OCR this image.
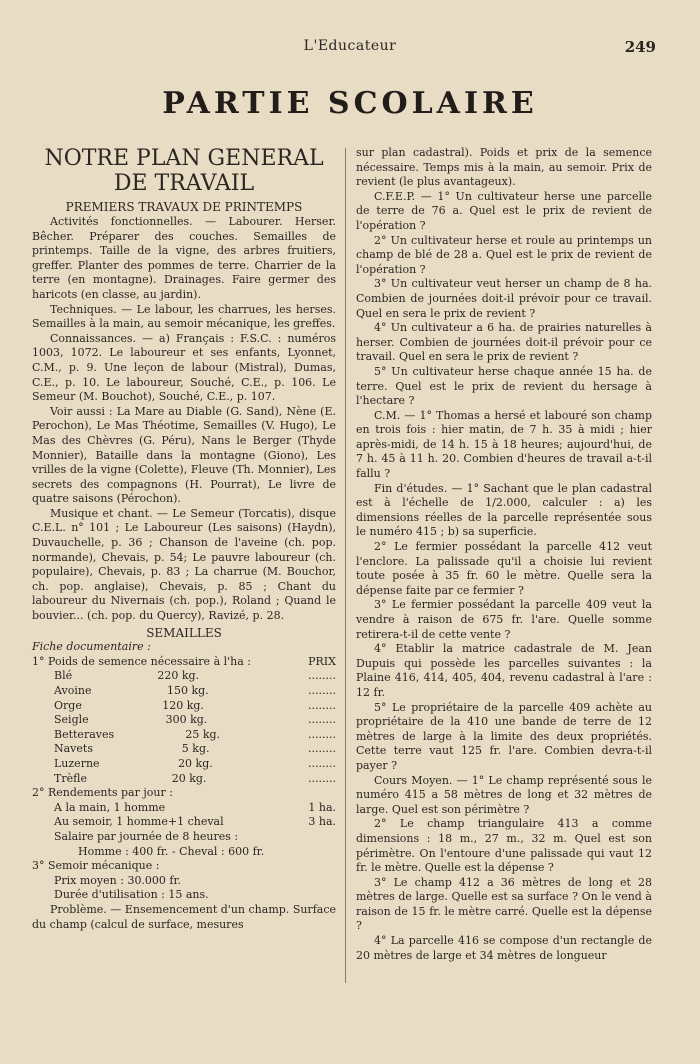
L'Educateur	249
PARTIE SCOLAIRE
NOTRE PLAN GENERAL
DE TRAVAIL
PREMIERS TRAVAUX DE PRINTEMPS

Activités fonctionnelles. — Labourer. Herser. Bêcher. Préparer des couches. Semailles de printemps. Taille de la vigne, des arbres fruitiers, greffer. Planter des pommes de terre. Charrier de la terre (en montagne). Drainages. Faire germer des haricots (en classe, au jardin).

Techniques. — Le labour, les charrues, les herses. Semailles à la main, au semoir mécanique, les greffes.

Connaissances. — a) Français : F.S.C. : numéros 1003, 1072. Le laboureur et ses enfants, Lyonnet, C.M., p. 9. Une leçon de labour (Mistral), Dumas, C.E., p. 10. Le laboureur, Souché, C.E., p. 106. Le Semeur (M. Bouchot), Souché, C.E., p. 107.

Voir aussi : La Mare au Diable (G. Sand), Nène (E. Perochon), Le Mas Théotime, Semailles (V. Hugo), Le Mas des Chèvres (G. Péru), Nans le Berger (Thyde Monnier), Bataille dans la montagne (Giono), Les vrilles de la vigne (Colette), Fleuve (Th. Monnier), Les secrets des compagnons (H. Pourrat), Le livre de quatre saisons (Pérochon).

Musique et chant. — Le Semeur (Torcatis), disque C.E.L. n° 101 ; Le Laboureur (Les saisons) (Haydn), Duvauchelle, p. 36 ; Chanson de l'aveine (ch. pop. normande), Chevais, p. 54; Le pauvre laboureur (ch. populaire), Chevais, p. 83 ; La charrue (M. Bouchor, ch. pop. anglaise), Chevais, p. 85 ; Chant du laboureur du Nivernais (ch. pop.), Roland ; Quand le bouvier... (ch. pop. du Quercy), Ravizé, p. 28.

SEMAILLES
Fiche documentaire :
1° Poids de semence nécessaire à l'ha :	PRIX
Blé	220 kg.	........
Avoine	150 kg.	........
Orge	120 kg.	........
Seigle	300 kg.	........
Betteraves	25 kg.	........
Navets	5 kg.	........
Luzerne	20 kg.	........
Trèfle	20 kg.	........
2° Rendements par jour :
A la main, 1 homme	1 ha.
Au semoir, 1 homme+1 cheval	3 ha.
Salaire par journée de 8 heures :
Homme : 400 fr. - Cheval : 600 fr.
3° Semoir mécanique :
Prix moyen : 30.000 fr.
Durée d'utilisation : 15 ans.

Problème. — Ensemencement d'un champ. Surface du champ (calcul de surface, mesures

sur plan cadastral). Poids et prix de la semence nécessaire. Temps mis à la main, au semoir. Prix de revient (le plus avantageux).

C.F.E.P. — 1° Un cultivateur herse une parcelle de terre de 76 a. Quel est le prix de revient de l'opération ?

2° Un cultivateur herse et roule au printemps un champ de blé de 28 a. Quel est le prix de revient de l'opération ?

3° Un cultivateur veut herser un champ de 8 ha. Combien de journées doit-il prévoir pour ce travail. Quel en sera le prix de revient ?

4° Un cultivateur a 6 ha. de prairies naturelles à herser. Combien de journées doit-il prévoir pour ce travail. Quel en sera le prix de revient ?

5° Un cultivateur herse chaque année 15 ha. de terre. Quel est le prix de revient du hersage à l'hectare ?

C.M. — 1° Thomas a hersé et labouré son champ en trois fois : hier matin, de 7 h. 35 à midi ; hier après-midi, de 14 h. 15 à 18 heures; aujourd'hui, de 7 h. 45 à 11 h. 20. Combien d'heures de travail a-t-il fallu ?

Fin d'études. — 1° Sachant que le plan cadastral est à l'échelle de 1/2.000, calculer : a) les dimensions réelles de la parcelle représentée sous le numéro 415 ; b) sa superficie.

2° Le fermier possédant la parcelle 412 veut l'enclore. La palissade qu'il a choisie lui revient toute posée à 35 fr. 60 le mètre. Quelle sera la dépense faite par ce fermier ?

3° Le fermier possédant la parcelle 409 veut la vendre à raison de 675 fr. l'are. Quelle somme retirera-t-il de cette vente ?

4° Etablir la matrice cadastrale de M. Jean Dupuis qui possède les parcelles suivantes : la Plaine 416, 414, 405, 404, revenu cadastral à l'are : 12 fr.

5° Le propriétaire de la parcelle 409 achète au propriétaire de la 410 une bande de terre de 12 mètres de large à la limite des deux propriétés. Cette terre vaut 125 fr. l'are. Combien devra-t-il payer ?

Cours Moyen. — 1° Le champ représenté sous le numéro 415 a 58 mètres de long et 32 mètres de large. Quel est son périmètre ?

2° Le champ triangulaire 413 a comme dimensions : 18 m., 27 m., 32 m. Quel est son périmètre. On l'entoure d'une palissade qui vaut 12 fr. le mètre. Quelle est la dépense ?

3° Le champ 412 a 36 mètres de long et 28 mètres de large. Quelle est sa surface ? On le vend à raison de 15 fr. le mètre carré. Quelle est la dépense ?

4° La parcelle 416 se compose d'un rectangle de 20 mètres de large et 34 mètres de longueur
